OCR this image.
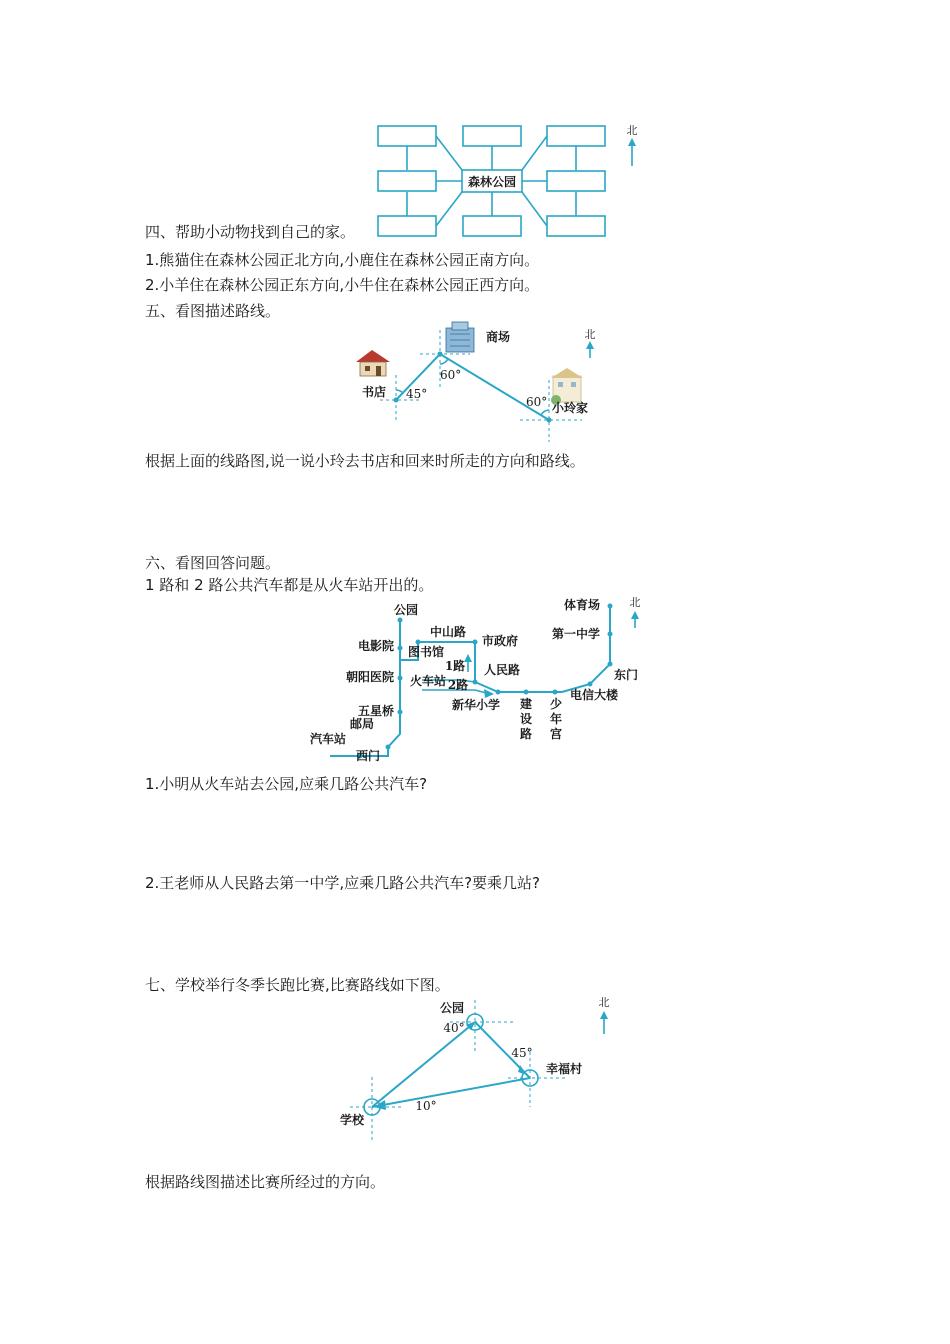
森林公园
北
四、帮助小动物找到自己的家。
1.熊猫住在森林公园正北方向,小鹿住在森林公园正南方向。
2.小羊住在森林公园正东方向,小牛住在森林公园正西方向。
五、看图描述路线。
书店 45°
商场
60°
60° 小玲家
北
根据上面的线路图,说一说小玲去书店和回来时所走的方向和路线。
六、看图回答问题。
1 路和 2 路公共汽车都是从火车站开出的。
公园
中山路
市政府
电影院 图书馆
1路 人民路
朝阳医院 火车站 2路
新华小学
五星桥
邮局
汽车站
西门
建
设
路
少
年
宫
电信大楼
东门
第一中学
体育场	北
1.小明从火车站去公园,应乘几路公共汽车?
2.王老师从人民路去第一中学,应乘几路公共汽车?要乘几站?
七、学校举行冬季长跑比赛,比赛路线如下图。
公园
40°
45°
幸福村
10°
学校
北
根据路线图描述比赛所经过的方向。
